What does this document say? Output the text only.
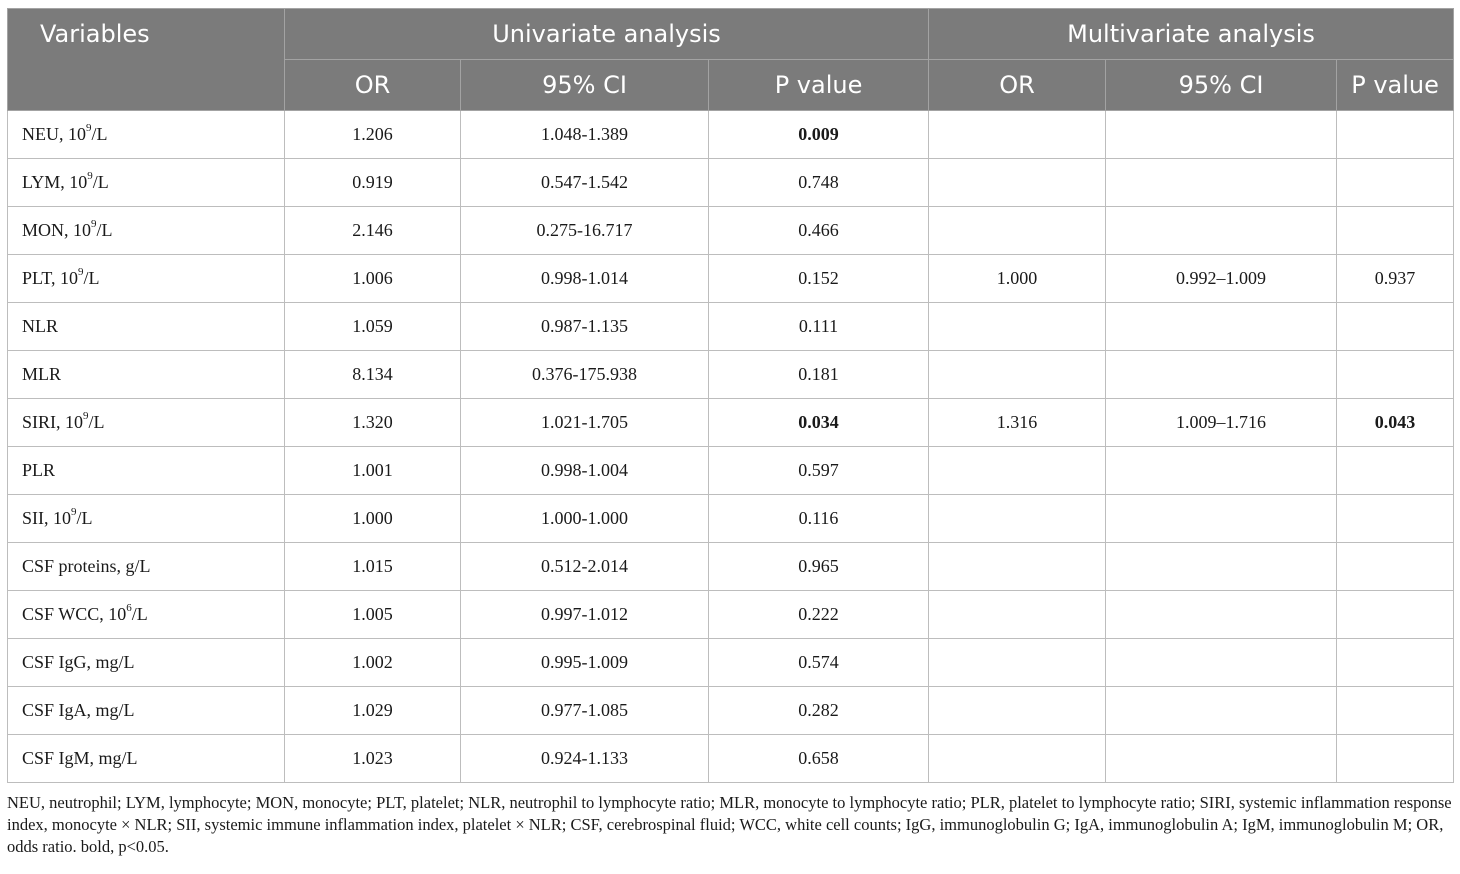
Variables	Univariate analysis			Multivariate analysis		
	OR	95% CI	P value	OR	95% CI	P value
NEU, $10^9/L$	1.206	1.048-1.389	0.009			
LYM, $10^9/L$	0.919	0.547-1.542	0.748			
MON, $10^9/L$	2.146	0.275-16.717	0.466			
PLT, $10^9/L$	1.006	0.998-1.014	0.152	1.000	0.992–1.009	0.937
NLR	1.059	0.987-1.135	0.111			
MLR	8.134	0.376-175.938	0.181			
SIRI, $10^9/L$	1.320	1.021-1.705	0.034	1.316	1.009–1.716	0.043
PLR	1.001	0.998-1.004	0.597			
SII, $10^9/L$	1.000	1.000-1.000	0.116			
CSF proteins, g/L	1.015	0.512-2.014	0.965			
CSF WCC, $10^6/L$	1.005	0.997-1.012	0.222			
CSF IgG, mg/L	1.002	0.995-1.009	0.574			
CSF IgA, mg/L	1.029	0.977-1.085	0.282			
CSF IgM, mg/L	1.023	0.924-1.133	0.658			
NEU, neutrophil; LYM, lymphocyte; MON, monocyte; PLT, platelet; NLR, neutrophil to lymphocyte ratio; MLR, monocyte to lymphocyte ratio; PLR, platelet to lymphocyte ratio; SIRI, systemic inflammation response index, monocyte × NLR; SII, systemic immune inflammation index, platelet × NLR; CSF, cerebrospinal fluid; WCC, white cell counts; IgG, immunoglobulin G; IgA, immunoglobulin A; IgM, immunoglobulin M; OR, odds ratio. bold, p<0.05.
